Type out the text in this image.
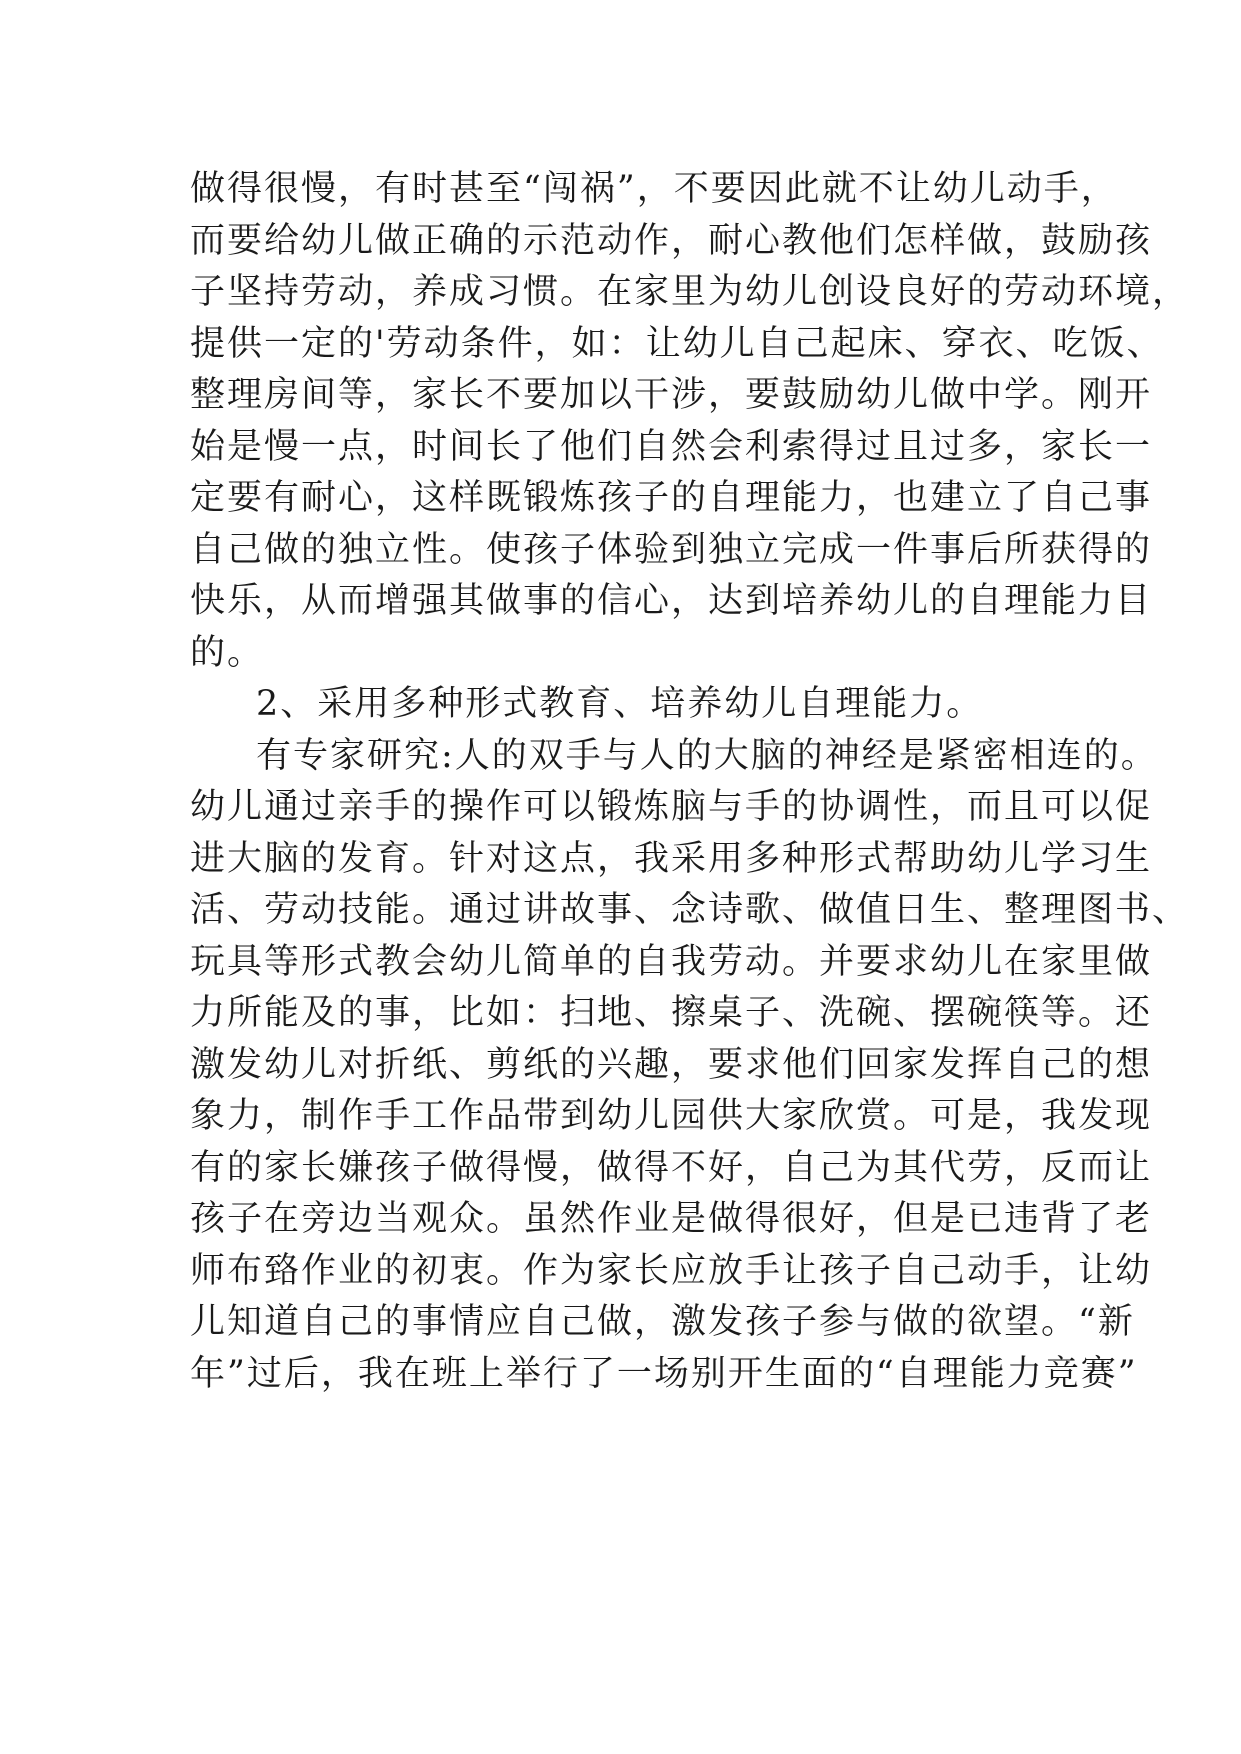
做得很慢，有时甚至“闯祸”，不要因此就不让幼儿动手，
而要给幼儿做正确的示范动作，耐心教他们怎样做，鼓励孩
子坚持劳动，养成习惯。在家里为幼儿创设良好的劳动环境，
提供一定的'劳动条件，如：让幼儿自己起床、穿衣、吃饭、
整理房间等，家长不要加以干涉，要鼓励幼儿做中学。刚开
始是慢一点，时间长了他们自然会利索得过且过多，家长一
定要有耐心，这样既锻炼孩子的自理能力，也建立了自己事
自己做的独立性。使孩子体验到独立完成一件事后所获得的
快乐，从而增强其做事的信心，达到培养幼儿的自理能力目
的。
2、采用多种形式教育、培养幼儿自理能力。
有专家研究:人的双手与人的大脑的神经是紧密相连的。
幼儿通过亲手的操作可以锻炼脑与手的协调性，而且可以促
进大脑的发育。针对这点，我采用多种形式帮助幼儿学习生
活、劳动技能。通过讲故事、念诗歌、做值日生、整理图书、
玩具等形式教会幼儿简单的自我劳动。并要求幼儿在家里做
力所能及的事，比如：扫地、擦桌子、洗碗、摆碗筷等。还
激发幼儿对折纸、剪纸的兴趣，要求他们回家发挥自己的想
象力，制作手工作品带到幼儿园供大家欣赏。可是，我发现
有的家长嫌孩子做得慢，做得不好，自己为其代劳，反而让
孩子在旁边当观众。虽然作业是做得很好，但是已违背了老
师布臵作业的初衷。作为家长应放手让孩子自己动手，让幼
儿知道自己的事情应自己做，激发孩子参与做的欲望。“新
年”过后，我在班上举行了一场别开生面的“自理能力竞赛”
